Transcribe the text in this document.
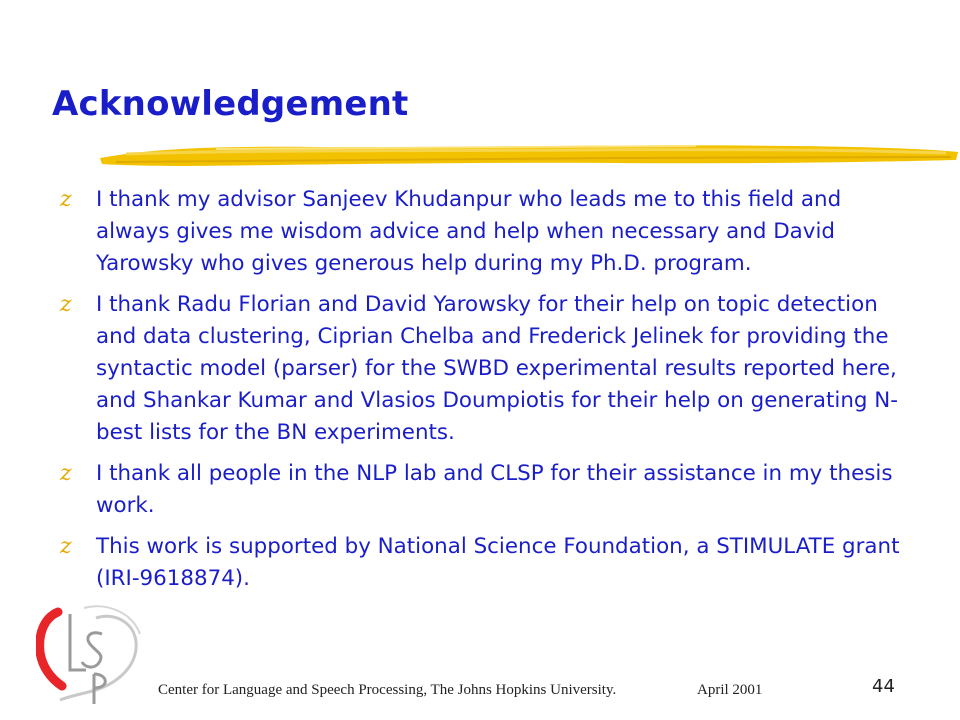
Acknowledgement
z I thank my advisor Sanjeev Khudanpur who leads me to this field and always gives me wisdom advice and help when necessary and David Yarowsky who gives generous help during my Ph.D. program.
z I thank Radu Florian and David Yarowsky for their help on topic detection and data clustering, Ciprian Chelba and Frederick Jelinek for providing the syntactic model (parser) for the SWBD experimental results reported here, and Shankar Kumar and Vlasios Doumpiotis for their help on generating N-best lists for the BN experiments.
z I thank all people in the NLP lab and CLSP for their assistance in my thesis work.
z This work is supported by National Science Foundation, a STIMULATE grant (IRI-9618874).
Center for Language and Speech Processing, The Johns Hopkins University.	April 2001	44
